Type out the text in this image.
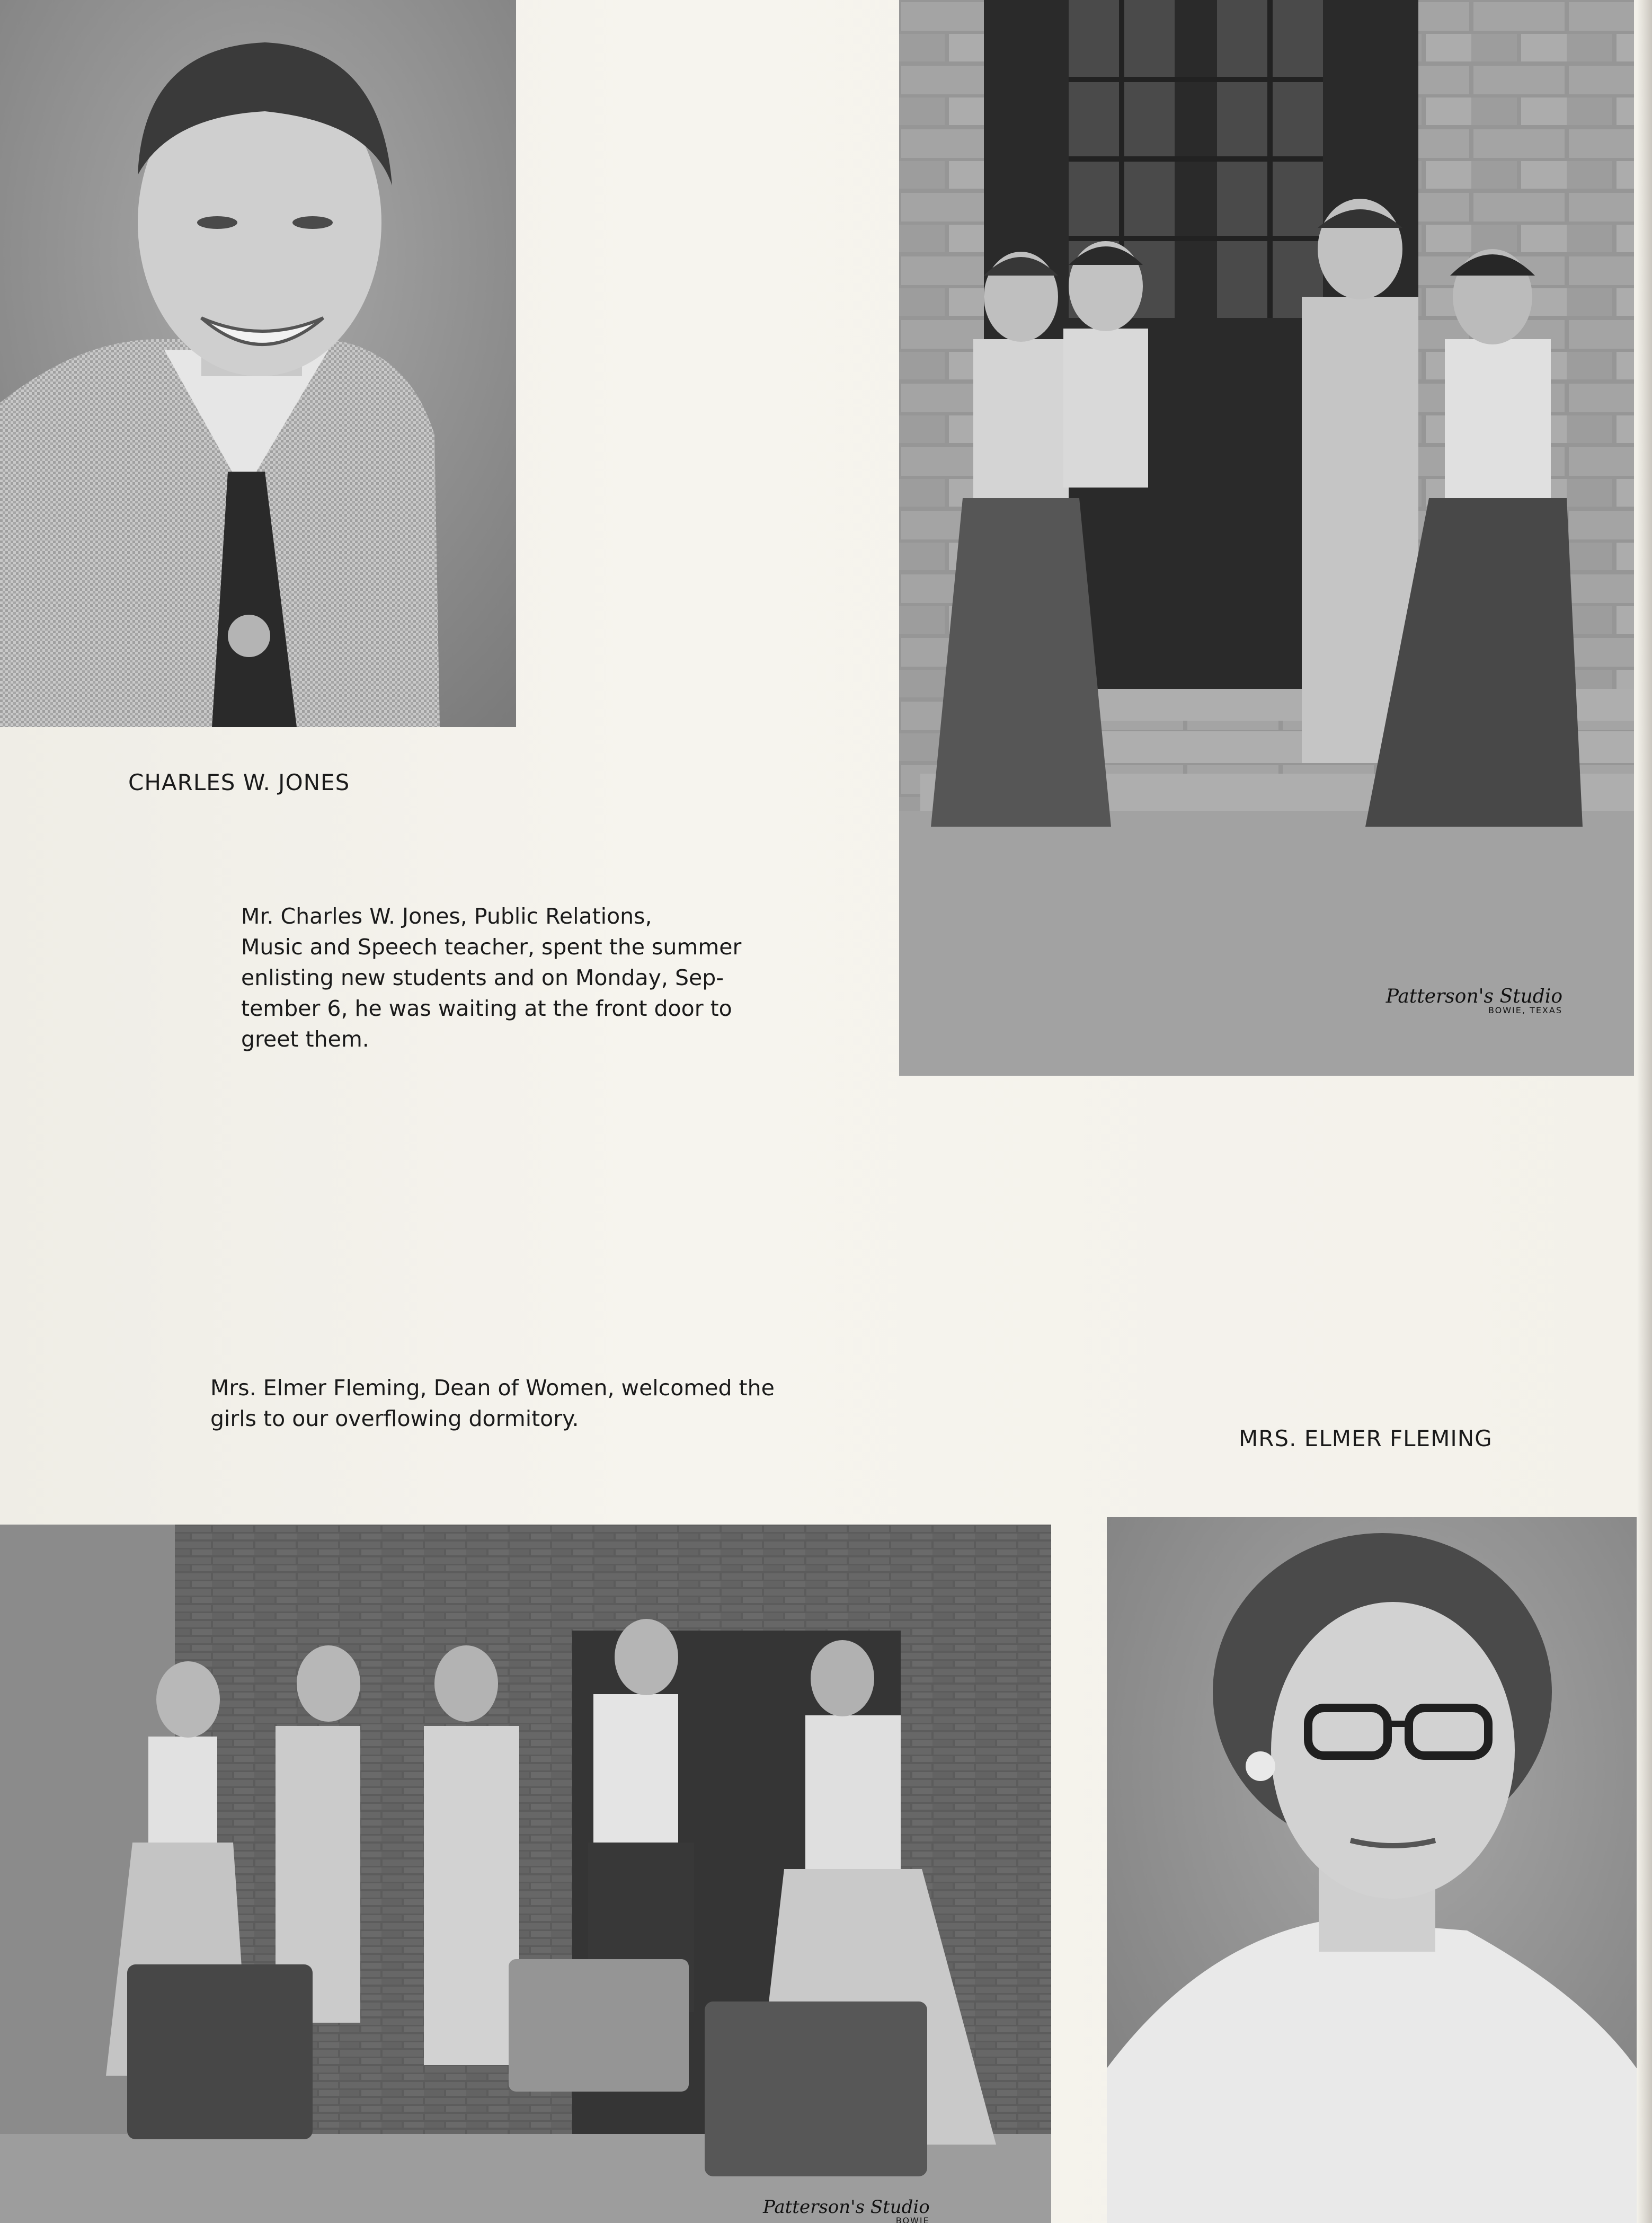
CHARLES W. JONES

Mr. Charles W. Jones, Public Relations,

Music and Speech teacher, spent the summer

enlisting new students and on Monday, Sep-

tember 6, he was waiting at the front door to

greet them.

Patterson's Studio
BOWIE, TEXAS

Mrs. Elmer Fleming, Dean of Women, welcomed the

girls to our overflowing dormitory.

MRS. ELMER FLEMING
Patterson's Studio
BOWIE
